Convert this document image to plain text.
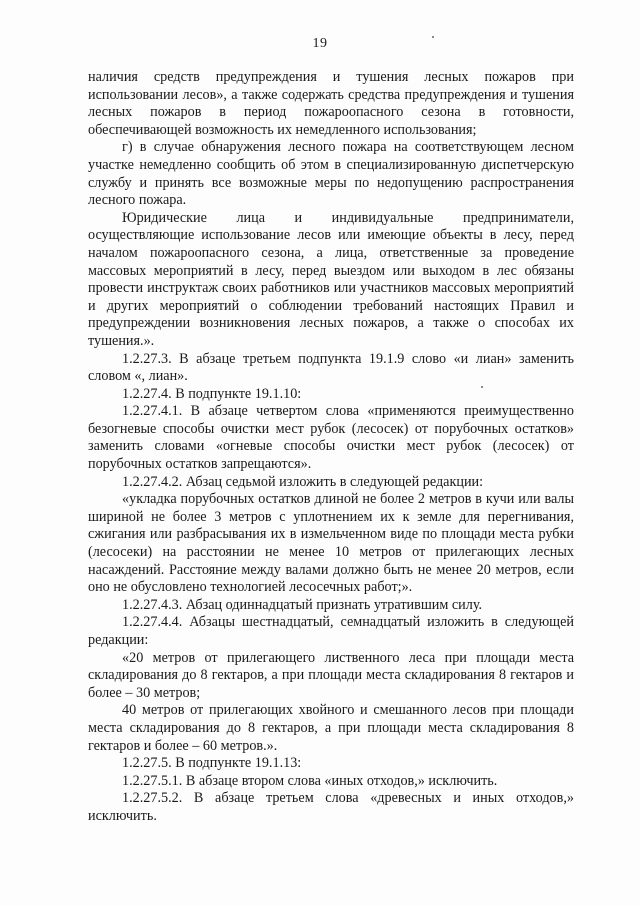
19

наличия средств предупреждения и тушения лесных пожаров при использовании лесов», а также содержать средства предупреждения и тушения лесных пожаров в период пожароопасного сезона в готовности, обеспечивающей возможность их немедленного использования;

г) в случае обнаружения лесного пожара на соответствующем лесном участке немедленно сообщить об этом в специализированную диспетчерскую службу и принять все возможные меры по недопущению распространения лесного пожара.

Юридические лица и индивидуальные предприниматели, осуществляющие использование лесов или имеющие объекты в лесу, перед началом пожароопасного сезона, а лица, ответственные за проведение массовых мероприятий в лесу, перед выездом или выходом в лес обязаны провести инструктаж своих работников или участников массовых мероприятий и других мероприятий о соблюдении требований настоящих Правил и предупреждении возникновения лесных пожаров, а также о способах их тушения.».

1.2.27.3. В абзаце третьем подпункта 19.1.9 слово «и лиан» заменить словом «, лиан».

1.2.27.4. В подпункте 19.1.10:

1.2.27.4.1. В абзаце четвертом слова «применяются преимущественно безогневые способы очистки мест рубок (лесосек) от порубочных остатков» заменить словами «огневые способы очистки мест рубок (лесосек) от порубочных остатков запрещаются».

1.2.27.4.2. Абзац седьмой изложить в следующей редакции:

«укладка порубочных остатков длиной не более 2 метров в кучи или валы шириной не более 3 метров с уплотнением их к земле для перегнивания, сжигания или разбрасывания их в измельченном виде по площади места рубки (лесосеки) на расстоянии не менее 10 метров от прилегающих лесных насаждений. Расстояние между валами должно быть не менее 20 метров, если оно не обусловлено технологией лесосечных работ;».

1.2.27.4.3. Абзац одиннадцатый признать утратившим силу.

1.2.27.4.4. Абзацы шестнадцатый, семнадцатый изложить в следующей редакции:

«20 метров от прилегающего лиственного леса при площади места складирования до 8 гектаров, а при площади места складирования 8 гектаров и более – 30 метров;

40 метров от прилегающих хвойного и смешанного лесов при площади места складирования до 8 гектаров, а при площади места складирования 8 гектаров и более – 60 метров.».

1.2.27.5. В подпункте 19.1.13:

1.2.27.5.1. В абзаце втором слова «иных отходов,» исключить.

1.2.27.5.2. В абзаце третьем слова «древесных и иных отходов,» исключить.
